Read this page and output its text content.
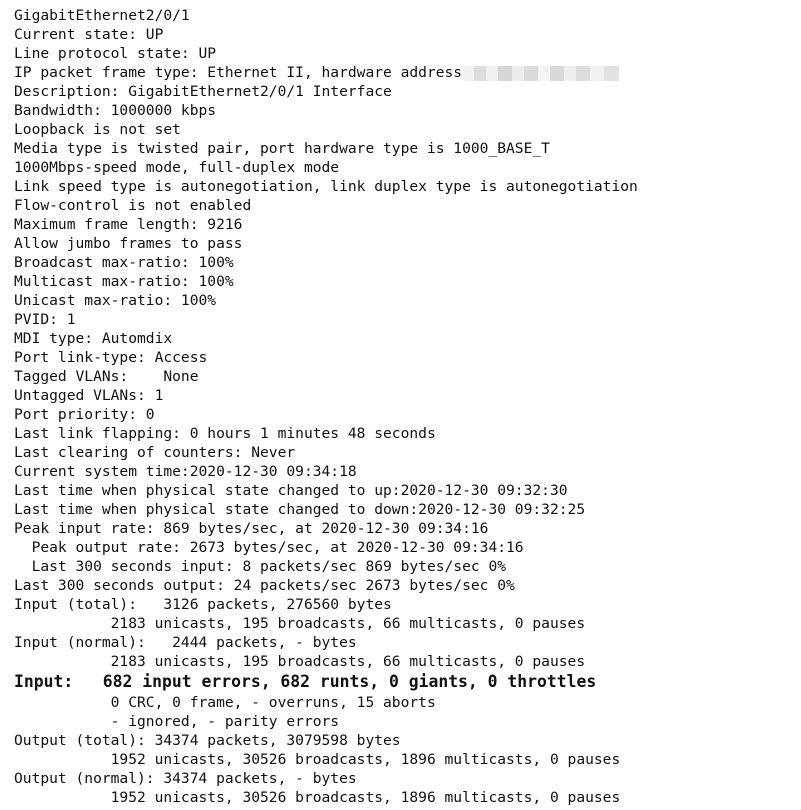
GigabitEthernet2/0/1
Current state: UP
Line protocol state: UP
IP packet frame type: Ethernet II, hardware address
Description: GigabitEthernet2/0/1 Interface
Bandwidth: 1000000 kbps
Loopback is not set
Media type is twisted pair, port hardware type is 1000_BASE_T
1000Mbps-speed mode, full-duplex mode
Link speed type is autonegotiation, link duplex type is autonegotiation
Flow-control is not enabled
Maximum frame length: 9216
Allow jumbo frames to pass
Broadcast max-ratio: 100%
Multicast max-ratio: 100%
Unicast max-ratio: 100%
PVID: 1
MDI type: Automdix
Port link-type: Access
Tagged VLANs:    None
Untagged VLANs: 1
Port priority: 0
Last link flapping: 0 hours 1 minutes 48 seconds
Last clearing of counters: Never
Current system time:2020-12-30 09:34:18
Last time when physical state changed to up:2020-12-30 09:32:30
Last time when physical state changed to down:2020-12-30 09:32:25
Peak input rate: 869 bytes/sec, at 2020-12-30 09:34:16
Peak output rate: 2673 bytes/sec, at 2020-12-30 09:34:16
Last 300 seconds input: 8 packets/sec 869 bytes/sec 0%
Last 300 seconds output: 24 packets/sec 2673 bytes/sec 0%
Input (total):   3126 packets, 276560 bytes
2183 unicasts, 195 broadcasts, 66 multicasts, 0 pauses
Input (normal):   2444 packets, - bytes
2183 unicasts, 195 broadcasts, 66 multicasts, 0 pauses
Input:   682 input errors, 682 runts, 0 giants, 0 throttles
0 CRC, 0 frame, - overruns, 15 aborts
- ignored, - parity errors
Output (total): 34374 packets, 3079598 bytes
1952 unicasts, 30526 broadcasts, 1896 multicasts, 0 pauses
Output (normal): 34374 packets, - bytes
1952 unicasts, 30526 broadcasts, 1896 multicasts, 0 pauses
